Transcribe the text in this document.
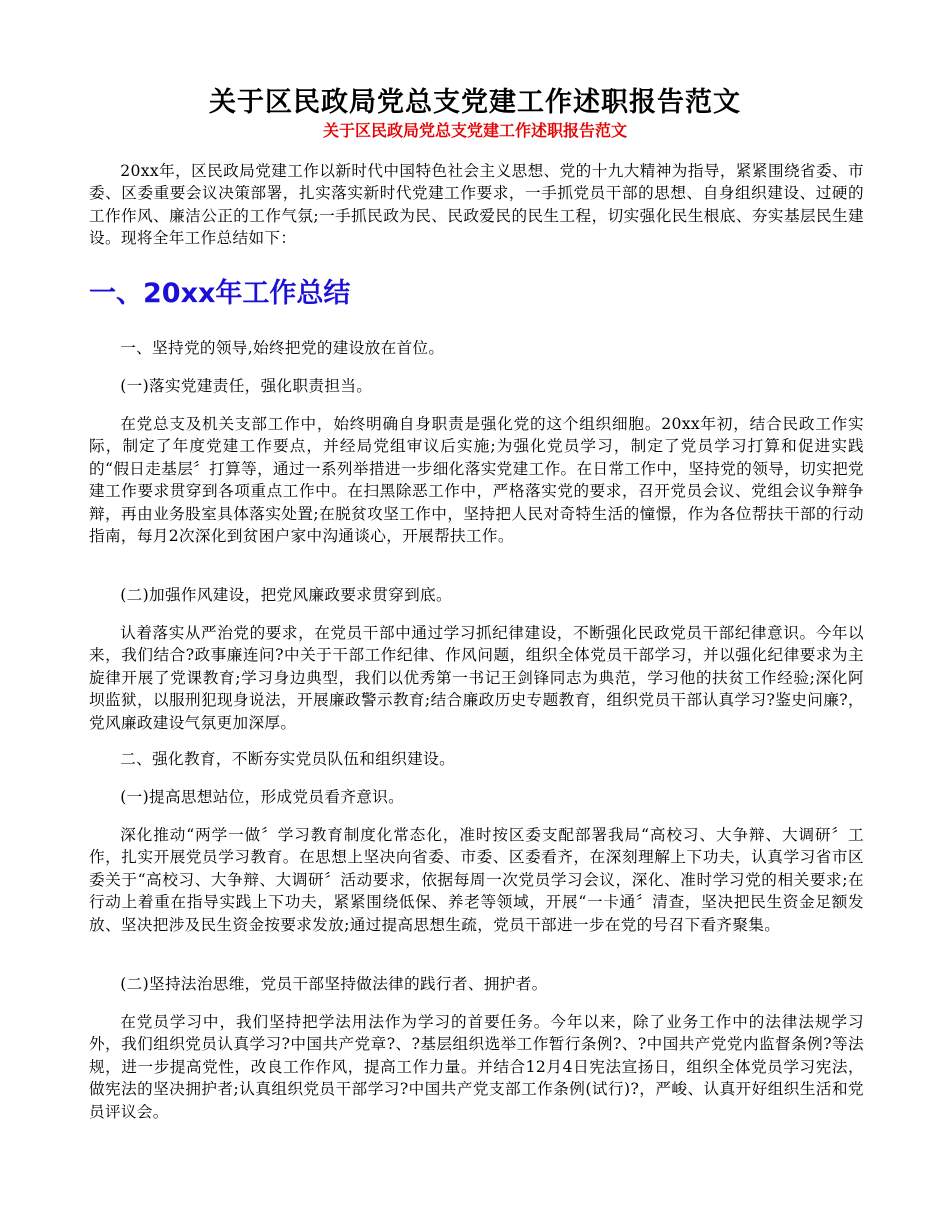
关于区民政局党总支党建工作述职报告范文
关于区民政局党总支党建工作述职报告范文

20xx年，区民政局党建工作以新时代中国特色社会主义思想、党的十九大精神为指导，紧紧围绕省委、市委、区委重要会议决策部署，扎实落实新时代党建工作要求，一手抓党员干部的思想、自身组织建设、过硬的工作作风、廉洁公正的工作气氛;一手抓民政为民、民政爱民的民生工程，切实强化民生根底、夯实基层民生建设。现将全年工作总结如下：

一、20xx年工作总结

一、坚持党的领导,始终把党的建设放在首位。

(一)落实党建责任，强化职责担当。

在党总支及机关支部工作中，始终明确自身职责是强化党的这个组织细胞。20xx年初，结合民政工作实际，制定了年度党建工作要点，并经局党组审议后实施;为强化党员学习，制定了党员学习打算和促进实践的“假日走基层〞打算等，通过一系列举措进一步细化落实党建工作。在日常工作中，坚持党的领导，切实把党建工作要求贯穿到各项重点工作中。在扫黑除恶工作中，严格落实党的要求，召开党员会议、党组会议争辩争辩，再由业务股室具体落实处置;在脱贫攻坚工作中，坚持把人民对奇特生活的憧憬，作为各位帮扶干部的行动指南，每月2次深化到贫困户家中沟通谈心，开展帮扶工作。

(二)加强作风建设，把党风廉政要求贯穿到底。

认着落实从严治党的要求，在党员干部中通过学习抓纪律建设，不断强化民政党员干部纪律意识。今年以来，我们结合?政事廉连问?中关于干部工作纪律、作风问题，组织全体党员干部学习，并以强化纪律要求为主旋律开展了党课教育;学习身边典型，我们以优秀第一书记王剑锋同志为典范，学习他的扶贫工作经验;深化阿坝监狱，以服刑犯现身说法，开展廉政警示教育;结合廉政历史专题教育，组织党员干部认真学习?鉴史问廉?，党风廉政建设气氛更加深厚。

二、强化教育，不断夯实党员队伍和组织建设。

(一)提高思想站位，形成党员看齐意识。

深化推动“两学一做〞学习教育制度化常态化，准时按区委支配部署我局“高校习、大争辩、大调研〞工作，扎实开展党员学习教育。在思想上坚决向省委、市委、区委看齐，在深刻理解上下功夫，认真学习省市区委关于“高校习、大争辩、大调研〞活动要求，依据每周一次党员学习会议，深化、准时学习党的相关要求;在行动上着重在指导实践上下功夫，紧紧围绕低保、养老等领域，开展“一卡通〞清查，坚决把民生资金足额发放、坚决把涉及民生资金按要求发放;通过提高思想生疏，党员干部进一步在党的号召下看齐聚集。

(二)坚持法治思维，党员干部坚持做法律的践行者、拥护者。

在党员学习中，我们坚持把学法用法作为学习的首要任务。今年以来，除了业务工作中的法律法规学习外，我们组织党员认真学习?中国共产党章?、?基层组织选举工作暂行条例?、?中国共产党党内监督条例?等法规，进一步提高党性，改良工作作风，提高工作力量。并结合12月4日宪法宣扬日，组织全体党员学习宪法，做宪法的坚决拥护者;认真组织党员干部学习?中国共产党支部工作条例(试行)?，严峻、认真开好组织生活和党员评议会。
